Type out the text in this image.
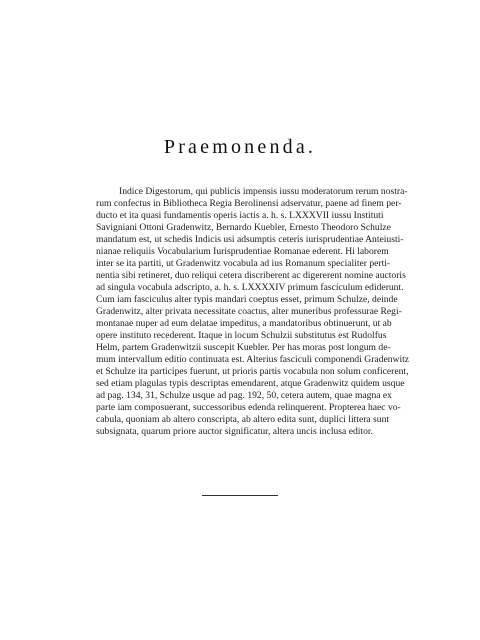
Praemonenda.
Indice Digestorum, qui publicis impensis iussu moderatorum rerum nostra-
rum confectus in Bibliotheca Regia Berolinensi adservatur, paene ad finem per-
ducto et ita quasi fundamentis operis iactis a. h. s. LXXXVII iussu Instituti
Savigniani Ottoni Gradenwitz, Bernardo Kuebler, Ernesto Theodoro Schulze
mandatum est, ut schedis Indicis usi adsumptis ceteris iurisprudentiae Anteiusti-
nianae reliquiis Vocabularium Iurisprudentiae Romanae ederent. Hi laborem
inter se ita partiti, ut Gradenwitz vocabula ad ius Romanum specialiter perti-
nentia sibi retineret, duo reliqui cetera discriberent ac digererent nomine auctoris
ad singula vocabula adscripto, a. h. s. LXXXXIV primum fasciculum ediderunt.
Cum iam fasciculus alter typis mandari coeptus esset, primum Schulze, deinde
Gradenwitz, alter privata necessitate coactus, alter muneribus professurae Regi-
montanae nuper ad eum delatae impeditus, a mandatoribus obtinuerunt, ut ab
opere instituto recederent. Itaque in locum Schulzii substitutus est Rudolfus
Helm, partem Gradenwitzii suscepit Kuebler. Per has moras post longum de-
mum intervallum editio continuata est. Alterius fasciculi componendi Gradenwitz
et Schulze ita participes fuerunt, ut prioris partis vocabula non solum conficerent,
sed etiam plagulas typis descriptas emendarent, atque Gradenwitz quidem usque
ad pag. 134, 31, Schulze usque ad pag. 192, 50, cetera autem, quae magna ex
parte iam composuerant, successoribus edenda relinquerent. Propterea haec vo-
cabula, quoniam ab altero conscripta, ab altero edita sunt, duplici littera sunt
subsignata, quarum priore auctor significatur, altera uncis inclusa editor.
